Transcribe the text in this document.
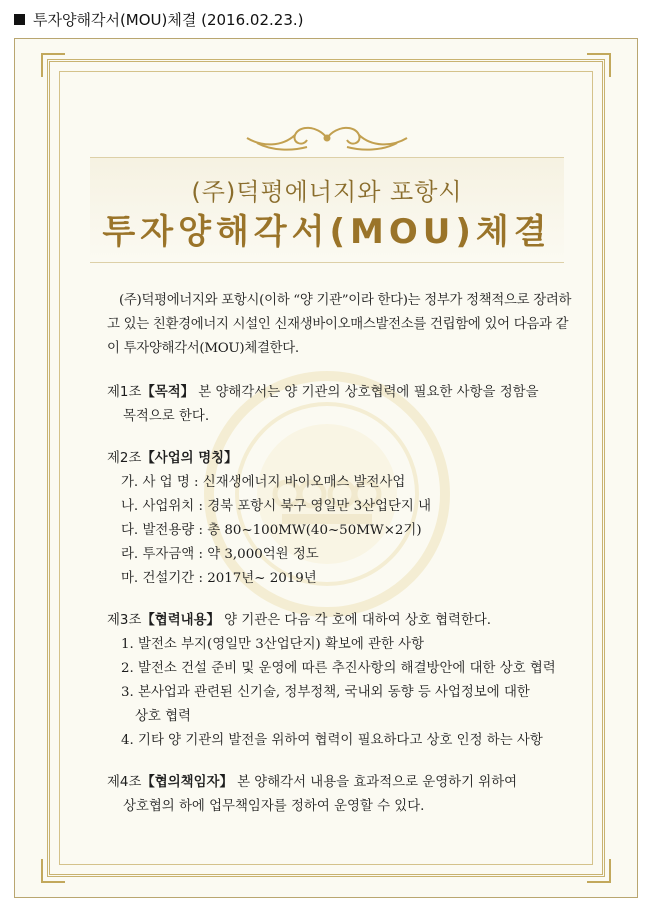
투자양해각서(MOU)체결 (2016.02.23.)
(주)덕평에너지와 포항시
투자양해각서(MOU)체결

(주)덕평에너지와 포항시(이하 “양 기관”이라 한다)는 정부가 정책적으로 장려하고 있는 친환경에너지 시설인 신재생바이오매스발전소를 건립함에 있어 다음과 같이 투자양해각서(MOU)체결한다.

제1조【목적】 본 양해각서는 양 기관의 상호협력에 필요한 사항을 정함을
목적으로 한다.
제2조【사업의 명칭】
가. 사 업 명 : 신재생에너지 바이오매스 발전사업
나. 사업위치 : 경북 포항시 북구 영일만 3산업단지 내
다. 발전용량 : 총 80~100MW(40~50MW×2기)
라. 투자금액 : 약 3,000억원 정도
마. 건설기간 : 2017년~ 2019년
제3조【협력내용】 양 기관은 다음 각 호에 대하여 상호 협력한다.
1. 발전소 부지(영일만 3산업단지) 확보에 관한 사항
2. 발전소 건설 준비 및 운영에 따른 추진사항의 해결방안에 대한 상호 협력
3. 본사업과 관련된 신기술, 정부정책, 국내외 동향 등 사업정보에 대한
상호 협력
4. 기타 양 기관의 발전을 위하여 협력이 필요하다고 상호 인정 하는 사항
제4조【협의책임자】 본 양해각서 내용을 효과적으로 운영하기 위하여
상호협의 하에 업무책임자를 정하여 운영할 수 있다.
